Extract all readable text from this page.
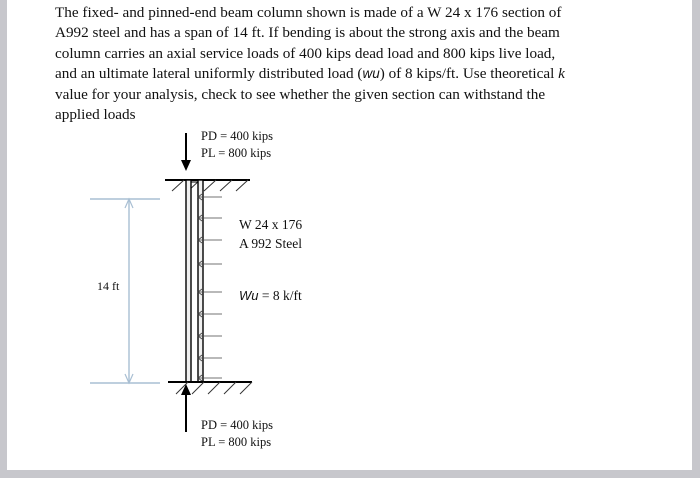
The fixed- and pinned-end beam column shown is made of a W 24 x 176 section of
A992 steel and has a span of 14 ft. If bending is about the strong axis and the beam
column carries an axial service loads of 400 kips dead load and 800 kips live load,
and an ultimate lateral uniformly distributed load (wu) of 8 kips/ft. Use theoretical k
value for your analysis, check to see whether the given section can withstand the
applied loads

PD = 400 kips
PL = 800 kips
PD = 400 kips
PL = 800 kips
W 24 x 176
A 992 Steel
Wu = 8 k/ft
14 ft
